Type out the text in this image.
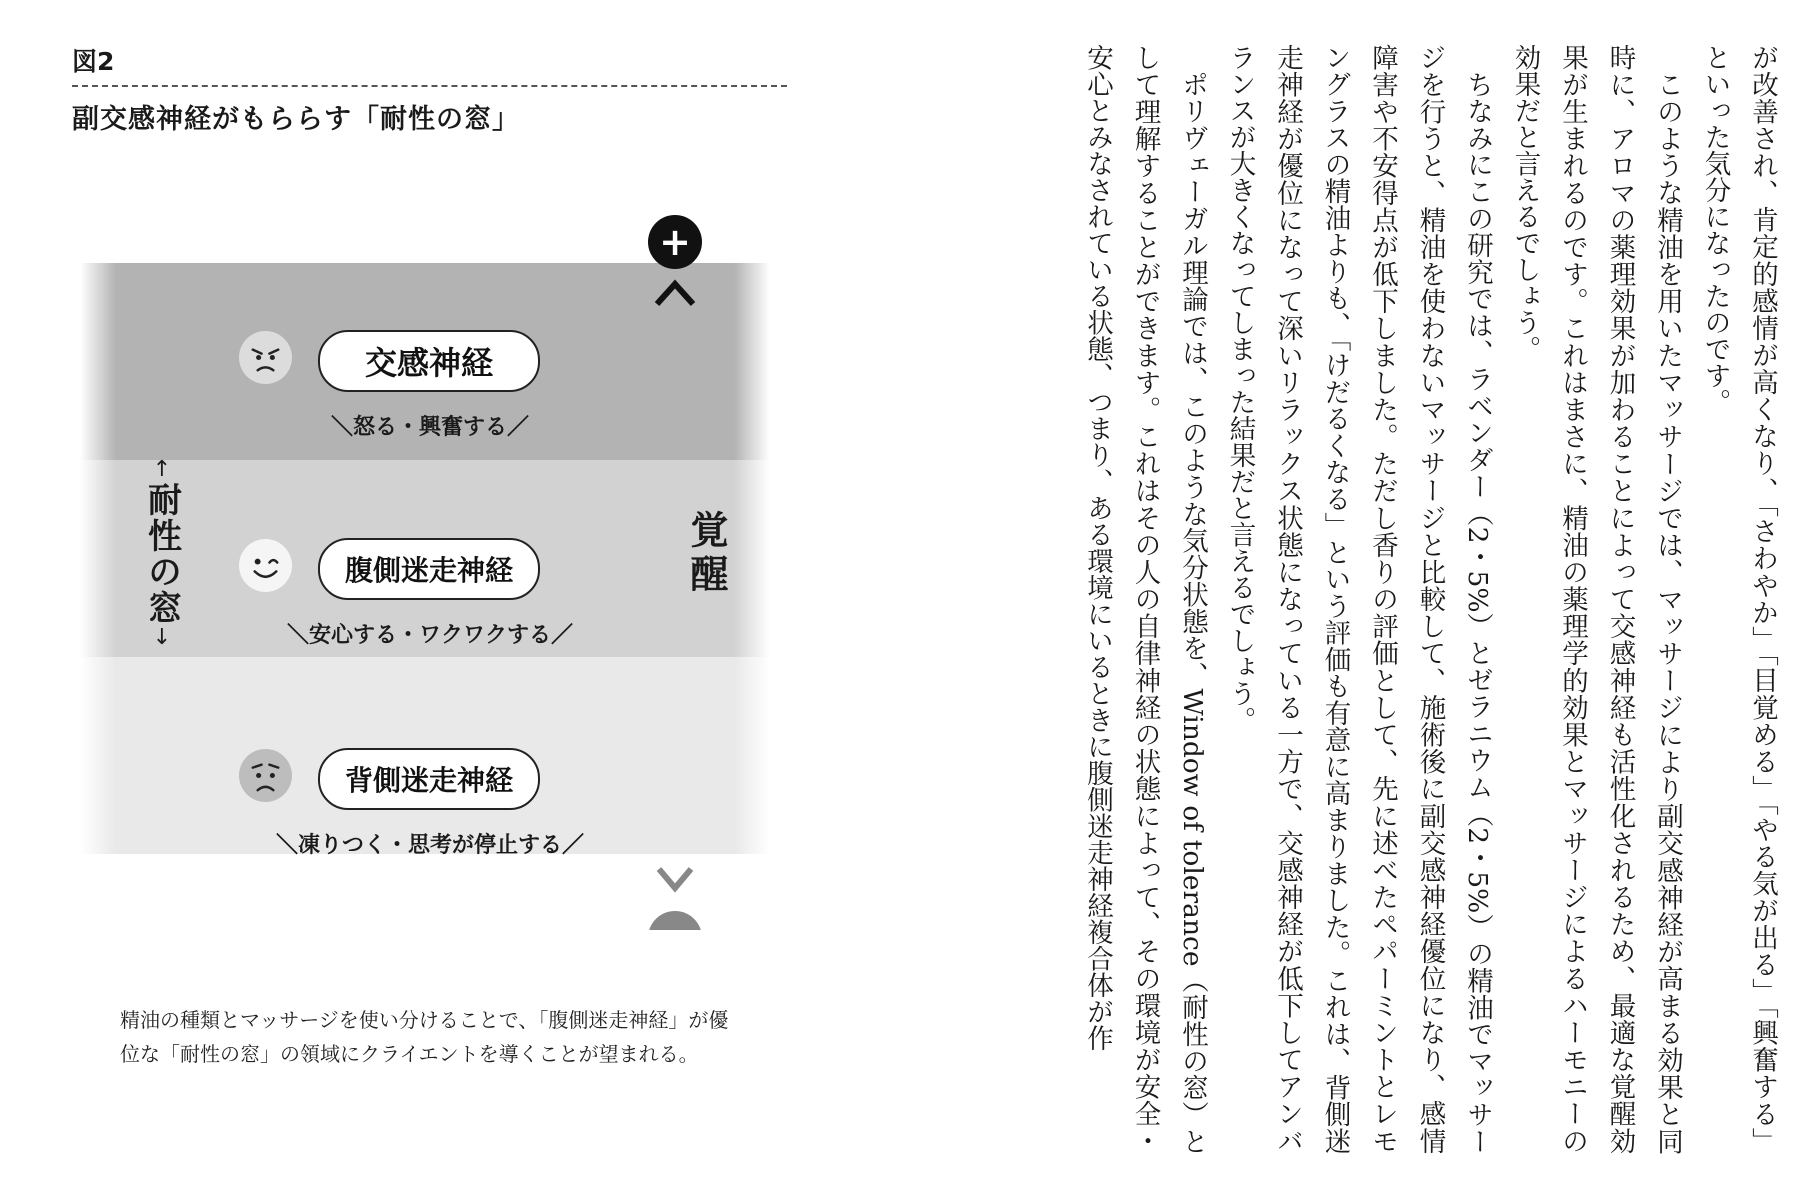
図2
副交感神経がもららす「耐性の窓」
交感神経
＼怒る・興奮する／
腹側迷走神経
＼安心する・ワクワクする／
背側迷走神経
＼凍りつく・思考が停止する／
↑
耐性の窓
↓
+
−
覚醒
精油の種類とマッサージを使い分けることで、「腹側迷走神経」が優位な「耐性の窓」の領域にクライエントを導くことが望まれる。	が改善され、肯定的感情が高くなり、「さわやか」「目覚める」「やる気が出る」「興奮する」といった気分になったのです。

このような精油を用いたマッサージでは、マッサージにより副交感神経が高まる効果と同時に、アロマの薬理効果が加わることによって交感神経も活性化されるため、最適な覚醒効果が生まれるのです。これはまさに、精油の薬理学的効果とマッサージによるハーモニーの効果だと言えるでしょう。

ちなみにこの研究では、ラベンダー（2・5%）とゼラニウム（2・5%）の精油でマッサージを行うと、精油を使わないマッサージと比較して、施術後に副交感神経優位になり、感情障害や不安得点が低下しました。ただし香りの評価として、先に述べたペパーミントとレモングラスの精油よりも、「けだるくなる」という評価も有意に高まりました。これは、背側迷走神経が優位になって深いリラックス状態になっている一方で、交感神経が低下してアンバランスが大きくなってしまった結果だと言えるでしょう。

ポリヴェーガル理論では、このような気分状態を、Window of tolerance（耐性の窓）として理解することができます。これはその人の自律神経の状態によって、その環境が安全・安心とみなされている状態、つまり、ある環境にいるときに腹側迷走神経複合体が作
